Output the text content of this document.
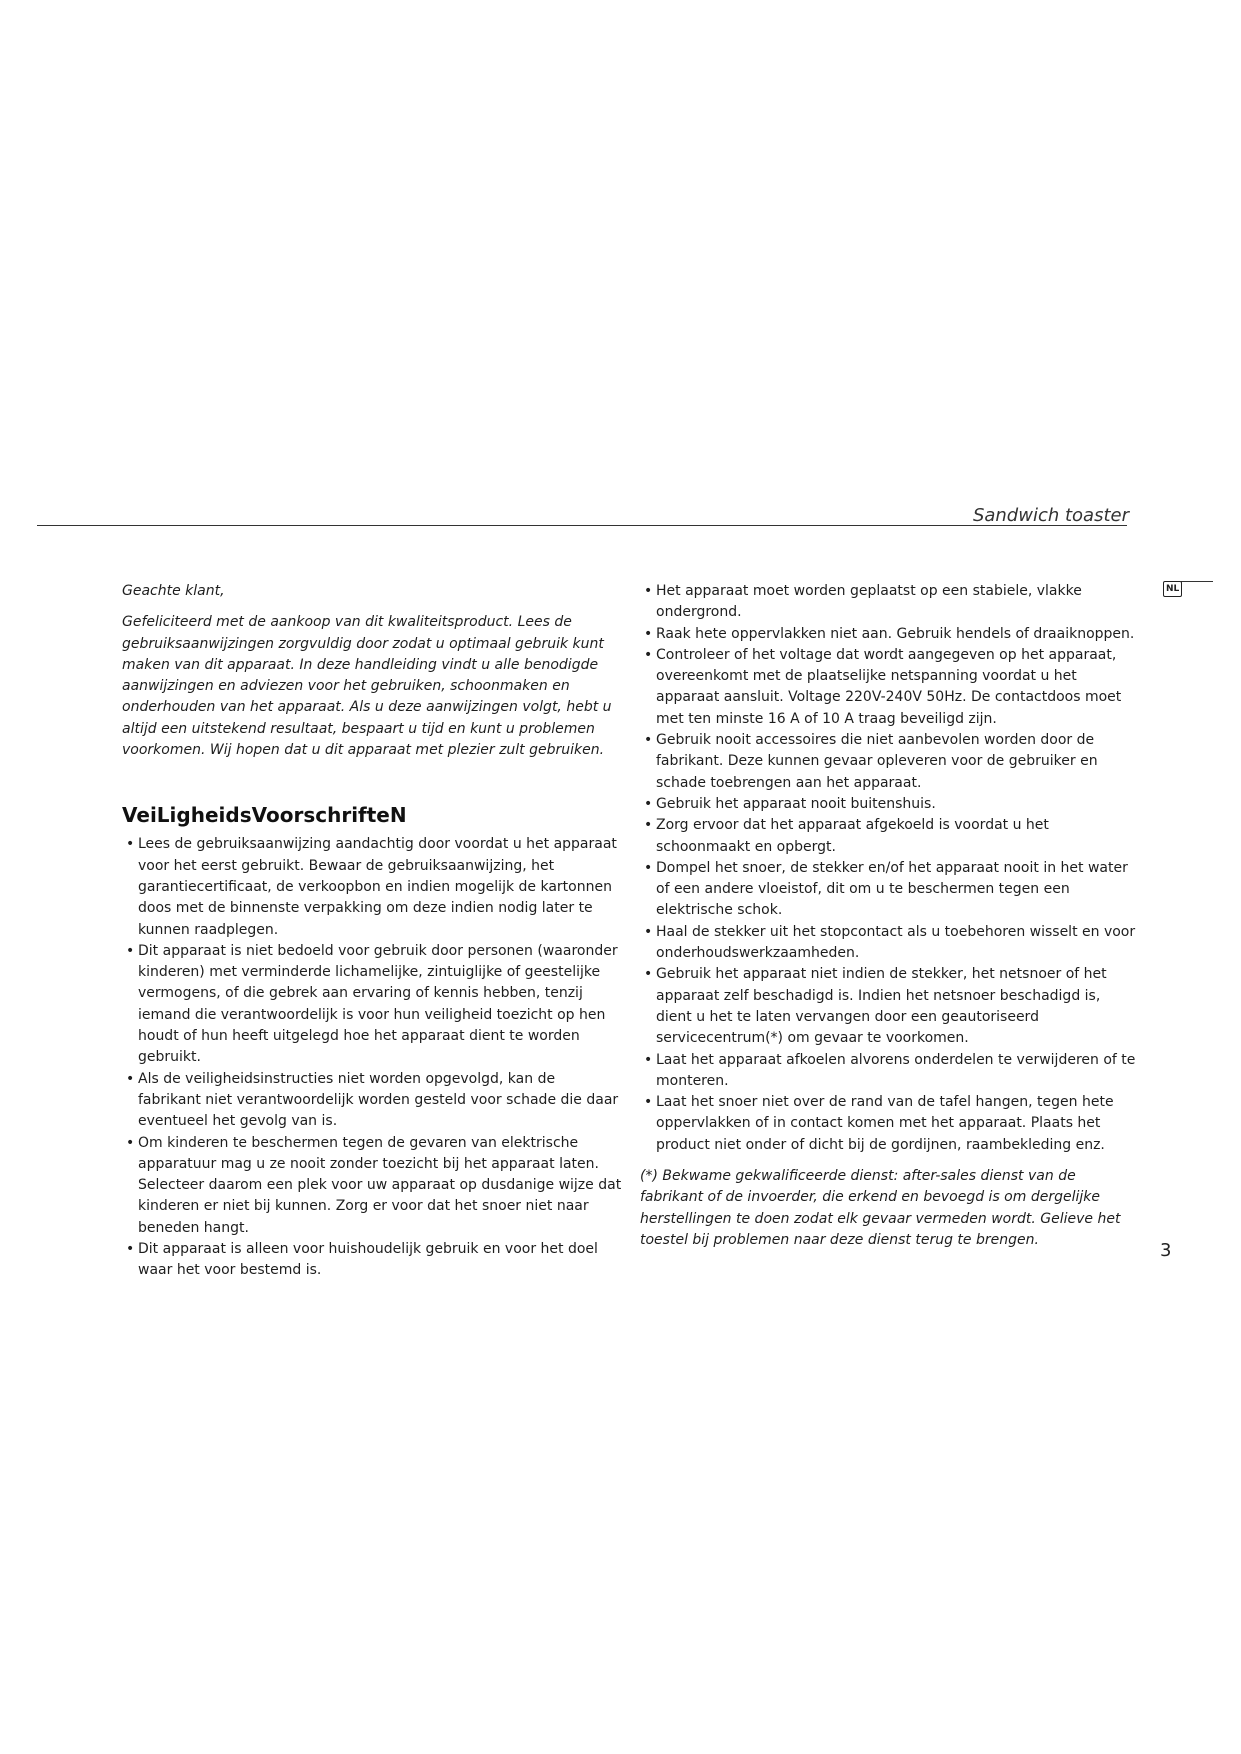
Sandwich toaster
NL

Geachte klant,

Gefeliciteerd met de aankoop van dit kwaliteitsproduct. Lees de gebruiksaanwijzingen zorgvuldig door zodat u optimaal gebruik kunt maken van dit apparaat. In deze handleiding vindt u alle benodigde aanwijzingen en adviezen voor het gebruiken, schoonmaken en onderhouden van het apparaat. Als u deze aanwijzingen volgt, hebt u altijd een uitstekend resultaat, bespaart u tijd en kunt u problemen voorkomen. Wij hopen dat u dit apparaat met plezier zult gebruiken.

VeiLigheidsVoorschrifteN
• Lees de gebruiksaanwijzing aandachtig door voordat u het apparaat voor het eerst gebruikt. Bewaar de gebruiksaanwijzing, het garantiecertificaat, de verkoopbon en indien mogelijk de kartonnen doos met de binnenste verpakking om deze indien nodig later te kunnen raadplegen.
• Dit apparaat is niet bedoeld voor gebruik door personen (waaronder kinderen) met verminderde lichamelijke, zintuiglijke of geestelijke vermogens, of die gebrek aan ervaring of kennis hebben, tenzij iemand die verantwoordelijk is voor hun veiligheid toezicht op hen houdt of hun heeft uitgelegd hoe het apparaat dient te worden gebruikt.
• Als de veiligheidsinstructies niet worden opgevolgd, kan de fabrikant niet verantwoordelijk worden gesteld voor schade die daar eventueel het gevolg van is.
• Om kinderen te beschermen tegen de gevaren van elektrische apparatuur mag u ze nooit zonder toezicht bij het apparaat laten. Selecteer daarom een plek voor uw apparaat op dusdanige wijze dat kinderen er niet bij kunnen. Zorg er voor dat het snoer niet naar beneden hangt.
• Dit apparaat is alleen voor huishoudelijk gebruik en voor het doel waar het voor bestemd is.
• Het apparaat moet worden geplaatst op een stabiele, vlakke ondergrond.
• Raak hete oppervlakken niet aan. Gebruik hendels of draaiknoppen.
• Controleer of het voltage dat wordt aangegeven op het apparaat, overeenkomt met de plaatselijke netspanning voordat u het apparaat aansluit. Voltage 220V-240V 50Hz. De contactdoos moet met ten minste 16 A of 10 A traag beveiligd zijn.
• Gebruik nooit accessoires die niet aanbevolen worden door de fabrikant. Deze kunnen gevaar opleveren voor de gebruiker en schade toebrengen aan het apparaat.
• Gebruik het apparaat nooit buitenshuis.
• Zorg ervoor dat het apparaat afgekoeld is voordat u het schoonmaakt en opbergt.
• Dompel het snoer, de stekker en/of het apparaat nooit in het water of een andere vloeistof, dit om u te beschermen tegen een elektrische schok.
• Haal de stekker uit het stopcontact als u toebehoren wisselt en voor onderhoudswerkzaamheden.
• Gebruik het apparaat niet indien de stekker, het netsnoer of het apparaat zelf beschadigd is. Indien het netsnoer beschadigd is, dient u het te laten vervangen door een geautoriseerd servicecentrum(*) om gevaar te voorkomen.
• Laat het apparaat afkoelen alvorens onderdelen te verwijderen of te monteren.
• Laat het snoer niet over de rand van de tafel hangen, tegen hete oppervlakken of in contact komen met het apparaat. Plaats het product niet onder of dicht bij de gordijnen, raambekleding enz.

(*) Bekwame gekwalificeerde dienst: after-sales dienst van de fabrikant of de invoerder, die erkend en bevoegd is om dergelijke herstellingen te doen zodat elk gevaar vermeden wordt. Gelieve het toestel bij problemen naar deze dienst terug te brengen.

3
